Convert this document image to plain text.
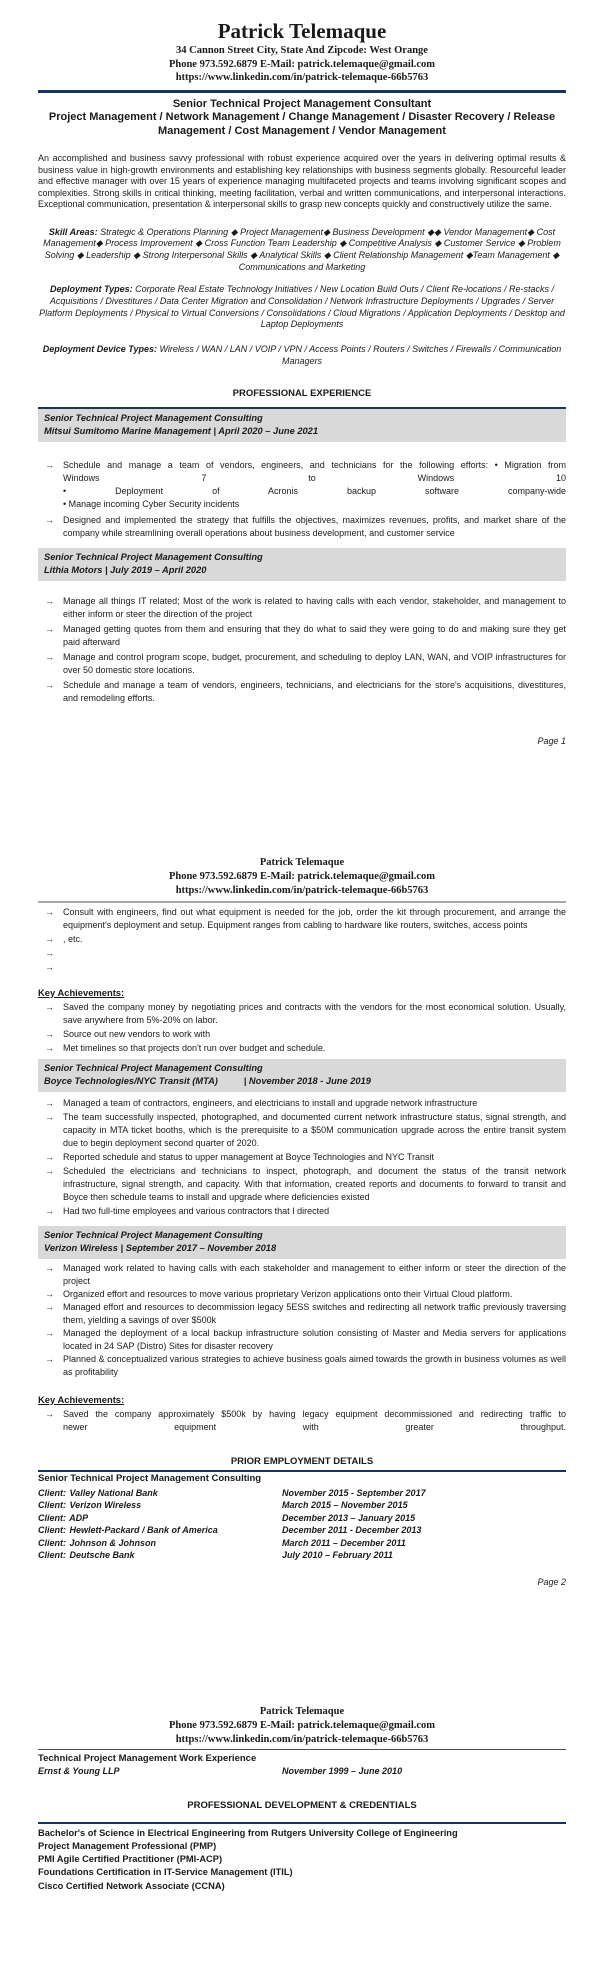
Patrick Telemaque
34 Cannon Street City, State And Zipcode: West Orange
Phone 973.592.6879 E-Mail: patrick.telemaque@gmail.com
https://www.linkedin.com/in/patrick-telemaque-66b5763
Senior Technical Project Management Consultant
Project Management / Network Management / Change Management / Disaster Recovery / Release Management / Cost Management / Vendor Management
An accomplished and business savvy professional with robust experience acquired over the years in delivering optimal results & business value in high-growth environments and establishing key relationships with business segments globally. Resourceful leader and effective manager with over 15 years of experience managing multifaceted projects and teams involving significant scopes and complexities. Strong skills in critical thinking, meeting facilitation, verbal and written communications, and interpersonal interactions. Exceptional communication, presentation & interpersonal skills to grasp new concepts quickly and constructively utilize the same.
Skill Areas: Strategic & Operations Planning ◆ Project Management◆ Business Development ◆◆ Vendor Management◆ Cost Management◆ Process Improvement ◆ Cross Function Team Leadership ◆ Competitive Analysis ◆ Customer Service ◆ Problem Solving ◆ Leadership ◆ Strong Interpersonal Skills ◆ Analytical Skills ◆ Client Relationship Management ◆Team Management ◆ Communications and Marketing
Deployment Types: Corporate Real Estate Technology Initiatives / New Location Build Outs / Client Re-locations / Re-stacks / Acquisitions / Divestitures / Data Center Migration and Consolidation / Network Infrastructure Deployments / Upgrades / Server Platform Deployments / Physical to Virtual Conversions / Consolidations / Cloud Migrations / Application Deployments / Desktop and Laptop Deployments
Deployment Device Types: Wireless / WAN / LAN / VOIP / VPN / Access Points / Routers / Switches / Firewalls / Communication Managers
PROFESSIONAL EXPERIENCE
Senior Technical Project Management Consulting
Mitsui Sumitomo Marine Management | April 2020 – June 2021
→	Schedule and manage a team of vendors, engineers, and technicians for the following efforts: • Migration from
Windows 7 to Windows 10
• Deployment of Acronis backup software company-wide
• Manage incoming Cyber Security incidents
→	Designed and implemented the strategy that fulfills the objectives, maximizes revenues, profits, and market share of the company while streamlining overall operations about business development, and customer service
Senior Technical Project Management Consulting
Lithia Motors | July 2019 – April 2020
→	Manage all things IT related; Most of the work is related to having calls with each vendor, stakeholder, and management to either inform or steer the direction of the project
→	Managed getting quotes from them and ensuring that they do what to said they were going to do and making sure they get paid afterward
→	Manage and control program scope, budget, procurement, and scheduling to deploy LAN, WAN, and VOIP infrastructures for over 50 domestic store locations.
→	Schedule and manage a team of vendors, engineers, technicians, and electricians for the store's acquisitions, divestitures, and remodeling efforts.
Page 1
Patrick Telemaque
Phone 973.592.6879 E-Mail: patrick.telemaque@gmail.com
https://www.linkedin.com/in/patrick-telemaque-66b5763
→	Consult with engineers, find out what equipment is needed for the job, order the kit through procurement, and arrange the equipment's deployment and setup. Equipment ranges from cabling to hardware like routers, switches, access points
→	, etc.
→
→
Key Achievements:
→	Saved the company money by negotiating prices and contracts with the vendors for the most economical solution. Usually, save anywhere from 5%-20% on labor.
→	Source out new vendors to work with
→	Met timelines so that projects don't run over budget and schedule.
Senior Technical Project Management Consulting
Boyce Technologies/NYC Transit (MTA)          | November 2018 - June 2019
→	Managed a team of contractors, engineers, and electricians to install and upgrade network infrastructure
→	The team successfully inspected, photographed, and documented current network infrastructure status, signal strength, and capacity in MTA ticket booths, which is the prerequisite to a $50M communication upgrade across the entire transit system due to begin deployment second quarter of 2020.
→	Reported schedule and status to upper management at Boyce Technologies and NYC Transit
→	Scheduled the electricians and technicians to inspect, photograph, and document the status of the transit network infrastructure, signal strength, and capacity. With that information, created reports and documents to forward to transit and Boyce then schedule teams to install and upgrade where deficiencies existed
→	Had two full-time employees and various contractors that I directed
Senior Technical Project Management Consulting
Verizon Wireless | September 2017 – November 2018
→	Managed work related to having calls with each stakeholder and management to either inform or steer the direction of the project
→	Organized effort and resources to move various proprietary Verizon applications onto their Virtual Cloud platform.
→	Managed effort and resources to decommission legacy 5ESS switches and redirecting all network traffic previously traversing them, yielding a savings of over $500k
→	Managed the deployment of a local backup infrastructure solution consisting of Master and Media servers for applications located in 24 SAP (Distro) Sites for disaster recovery
→	Planned & conceptualized various strategies to achieve business goals aimed towards the growth in business volumes as well as profitability
Key Achievements:
→	Saved the company approximately $500k by having legacy equipment decommissioned and redirecting traffic to
newer equipment with greater throughput.
PRIOR EMPLOYMENT DETAILS
Senior Technical Project Management Consulting
Client: Valley National Bank	November 2015 - September 2017
Client: Verizon Wireless	March 2015 – November 2015
Client: ADP	December 2013 – January 2015
Client: Hewlett-Packard / Bank of America	December 2011 - December 2013
Client: Johnson & Johnson	March 2011 – December 2011
Client: Deutsche Bank	July 2010 – February 2011
Page 2
Patrick Telemaque
Phone 973.592.6879 E-Mail: patrick.telemaque@gmail.com
https://www.linkedin.com/in/patrick-telemaque-66b5763
Technical Project Management Work Experience
Ernst & Young LLP	November 1999 – June 2010
PROFESSIONAL DEVELOPMENT & CREDENTIALS
Bachelor's of Science in Electrical Engineering from Rutgers University College of Engineering
Project Management Professional (PMP)
PMI Agile Certified Practitioner (PMI-ACP)
Foundations Certification in IT-Service Management (ITIL)
Cisco Certified Network Associate (CCNA)
